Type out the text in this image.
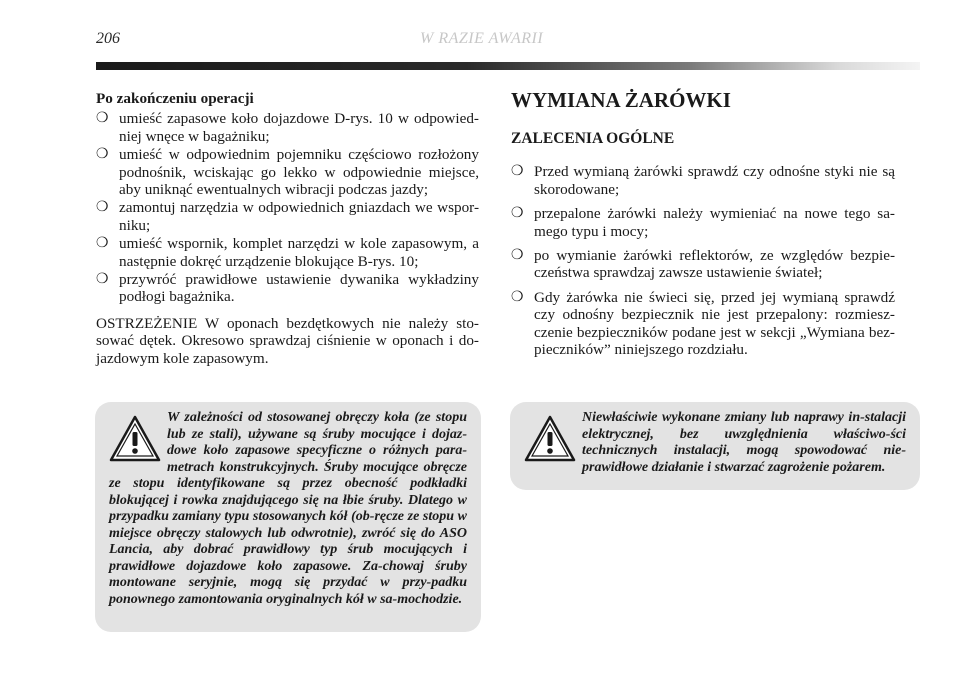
206	W RAZIE AWARII

Po zakończeniu operacji

❍ umieść zapasowe koło dojazdowe D-rys. 10 w odpowied-niej wnęce w bagażniku;
❍ umieść w odpowiednim pojemniku częściowo rozłożony podnośnik, wciskając go lekko w odpowiednie miejsce, aby uniknąć ewentualnych wibracji podczas jazdy;
❍ zamontuj narzędzia w odpowiednich gniazdach we wspor-niku;
❍ umieść wspornik, komplet narzędzi w kole zapasowym, a następnie dokręć urządzenie blokujące B-rys. 10;
❍ przywróć prawidłowe ustawienie dywanika wykładziny podłogi bagażnika.

OSTRZEŻENIE W oponach bezdętkowych nie należy sto-sować dętek. Okresowo sprawdzaj ciśnienie w oponach i do-jazdowym kole zapasowym.

WYMIANA ŻARÓWKI
ZALECENIA OGÓLNE
❍ Przed wymianą żarówki sprawdź czy odnośne styki nie są skorodowane;
❍ przepalone żarówki należy wymieniać na nowe tego sa-mego typu i mocy;
❍ po wymianie żarówki reflektorów, ze względów bezpie-czeństwa sprawdzaj zawsze ustawienie świateł;
❍ Gdy żarówka nie świeci się, przed jej wymianą sprawdź czy odnośny bezpiecznik nie jest przepalony: rozmiesz-czenie bezpieczników podane jest w sekcji „Wymiana bez-pieczników” niniejszego rozdziału.
W zależności od stosowanej obręczy koła (ze stopu lub ze stali), używane są śruby mocujące i dojaz-dowe koło zapasowe specyficzne o różnych para-metrach konstrukcyjnych. Śruby mocujące obręcze ze stopu identyfikowane są przez obecność podkładki blokującej i rowka znajdującego się na łbie śruby. Dlatego w przypadku zamiany typu stosowanych kół (ob-ręcze ze stopu w miejsce obręczy stalowych lub odwrotnie), zwróć się do ASO Lancia, aby dobrać prawidłowy typ śrub mocujących i prawidłowe dojazdowe koło zapasowe. Za-chowaj śruby montowane seryjnie, mogą się przydać w przy-padku ponownego zamontowania oryginalnych kół w sa-mochodzie.
Niewłaściwie wykonane zmiany lub naprawy in-stalacji elektrycznej, bez uwzględnienia właściwo-ści technicznych instalacji, mogą spowodować nie-prawidłowe działanie i stwarzać zagrożenie pożarem.
